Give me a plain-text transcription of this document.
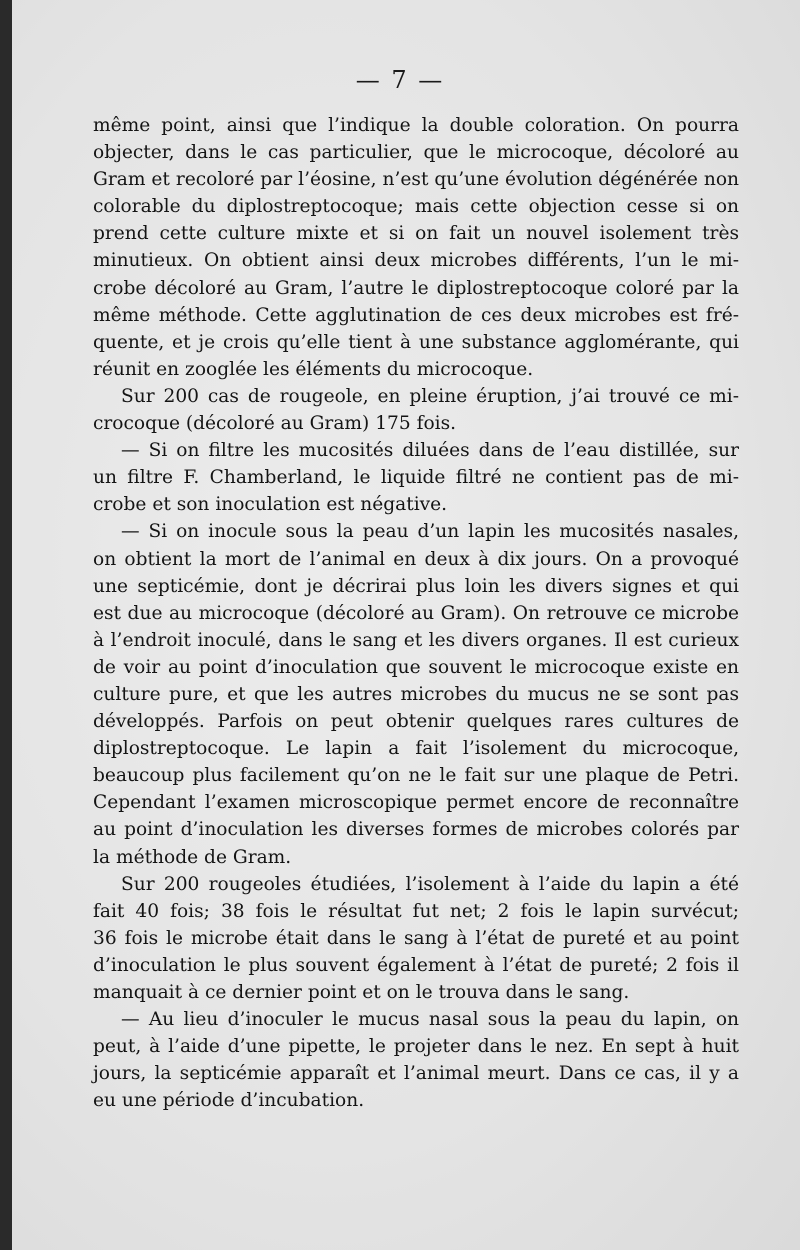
— 7 —
même point, ainsi que l’indique la double coloration. On pourra
objecter, dans le cas particulier, que le microcoque, décoloré au
Gram et recoloré par l’éosine, n’est qu’une évolution dégénérée non
colorable du diplostreptocoque; mais cette objection cesse si on
prend cette culture mixte et si on fait un nouvel isolement très
minutieux. On obtient ainsi deux microbes différents, l’un le mi-
crobe décoloré au Gram, l’autre le diplostreptocoque coloré par la
même méthode. Cette agglutination de ces deux microbes est fré-
quente, et je crois qu’elle tient à une substance agglomérante, qui
réunit en zooglée les éléments du microcoque.
Sur 200 cas de rougeole, en pleine éruption, j’ai trouvé ce mi-
crocoque (décoloré au Gram) 175 fois.
— Si on filtre les mucosités diluées dans de l’eau distillée, sur
un filtre F. Chamberland, le liquide filtré ne contient pas de mi-
crobe et son inoculation est négative.
— Si on inocule sous la peau d’un lapin les mucosités nasales,
on obtient la mort de l’animal en deux à dix jours. On a provoqué
une septicémie, dont je décrirai plus loin les divers signes et qui
est due au microcoque (décoloré au Gram). On retrouve ce microbe
à l’endroit inoculé, dans le sang et les divers organes. Il est curieux
de voir au point d’inoculation que souvent le microcoque existe en
culture pure, et que les autres microbes du mucus ne se sont pas
développés. Parfois on peut obtenir quelques rares cultures de
diplostreptocoque. Le lapin a fait l’isolement du microcoque,
beaucoup plus facilement qu’on ne le fait sur une plaque de Petri.
Cependant l’examen microscopique permet encore de reconnaître
au point d’inoculation les diverses formes de microbes colorés par
la méthode de Gram.
Sur 200 rougeoles étudiées, l’isolement à l’aide du lapin a été
fait 40 fois; 38 fois le résultat fut net; 2 fois le lapin survécut;
36 fois le microbe était dans le sang à l’état de pureté et au point
d’inoculation le plus souvent également à l’état de pureté; 2 fois il
manquait à ce dernier point et on le trouva dans le sang.
— Au lieu d’inoculer le mucus nasal sous la peau du lapin, on
peut, à l’aide d’une pipette, le projeter dans le nez. En sept à huit
jours, la septicémie apparaît et l’animal meurt. Dans ce cas, il y a
eu une période d’incubation.
